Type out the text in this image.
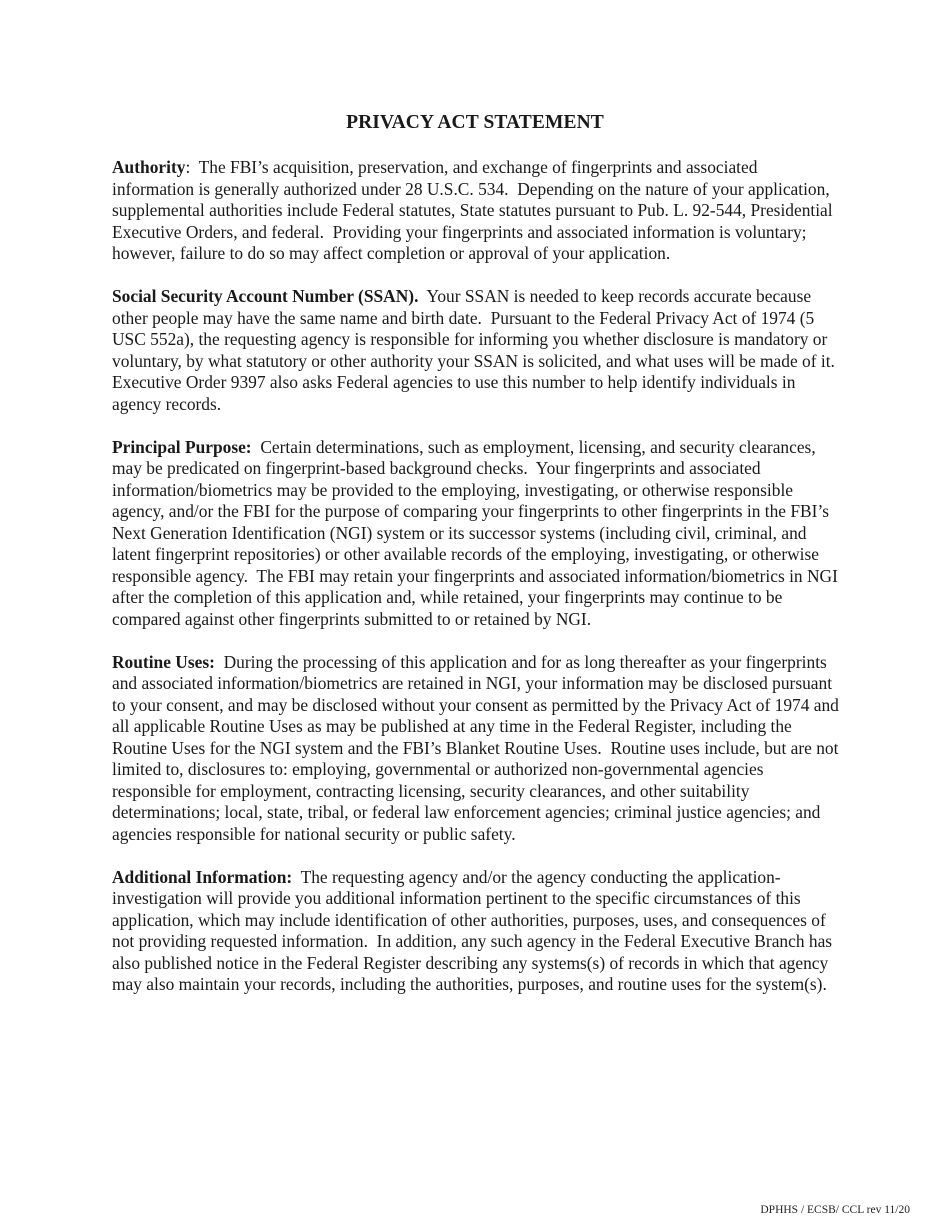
PRIVACY ACT STATEMENT

Authority:  The FBI’s acquisition, preservation, and exchange of fingerprints and associated information is generally authorized under 28 U.S.C. 534.  Depending on the nature of your application, supplemental authorities include Federal statutes, State statutes pursuant to Pub. L. 92-544, Presidential Executive Orders, and federal.  Providing your fingerprints and associated information is voluntary; however, failure to do so may affect completion or approval of your application.

Social Security Account Number (SSAN). Your SSAN is needed to keep records accurate because other people may have the same name and birth date.  Pursuant to the Federal Privacy Act of 1974 (5 USC 552a), the requesting agency is responsible for informing you whether disclosure is mandatory or voluntary, by what statutory or other authority your SSAN is solicited, and what uses will be made of it.  Executive Order 9397 also asks Federal agencies to use this number to help identify individuals in agency records.

Principal Purpose: Certain determinations, such as employment, licensing, and security clearances, may be predicated on fingerprint-based background checks.  Your fingerprints and associated information/biometrics may be provided to the employing, investigating, or otherwise responsible agency, and/or the FBI for the purpose of comparing your fingerprints to other fingerprints in the FBI’s Next Generation Identification (NGI) system or its successor systems (including civil, criminal, and latent fingerprint repositories) or other available records of the employing, investigating, or otherwise responsible agency.  The FBI may retain your fingerprints and associated information/biometrics in NGI after the completion of this application and, while retained, your fingerprints may continue to be compared against other fingerprints submitted to or retained by NGI.

Routine Uses: During the processing of this application and for as long thereafter as your fingerprints and associated information/biometrics are retained in NGI, your information may be disclosed pursuant to your consent, and may be disclosed without your consent as permitted by the Privacy Act of 1974 and all applicable Routine Uses as may be published at any time in the Federal Register, including the Routine Uses for the NGI system and the FBI’s Blanket Routine Uses.  Routine uses include, but are not limited to, disclosures to: employing, governmental or authorized non-governmental agencies responsible for employment, contracting licensing, security clearances, and other suitability determinations; local, state, tribal, or federal law enforcement agencies; criminal justice agencies; and agencies responsible for national security or public safety.

Additional Information: The requesting agency and/or the agency conducting the application-investigation will provide you additional information pertinent to the specific circumstances of this application, which may include identification of other authorities, purposes, uses, and consequences of not providing requested information.  In addition, any such agency in the Federal Executive Branch has also published notice in the Federal Register describing any systems(s) of records in which that agency may also maintain your records, including the authorities, purposes, and routine uses for the system(s).

DPHHS / ECSB/ CCL rev 11/20
